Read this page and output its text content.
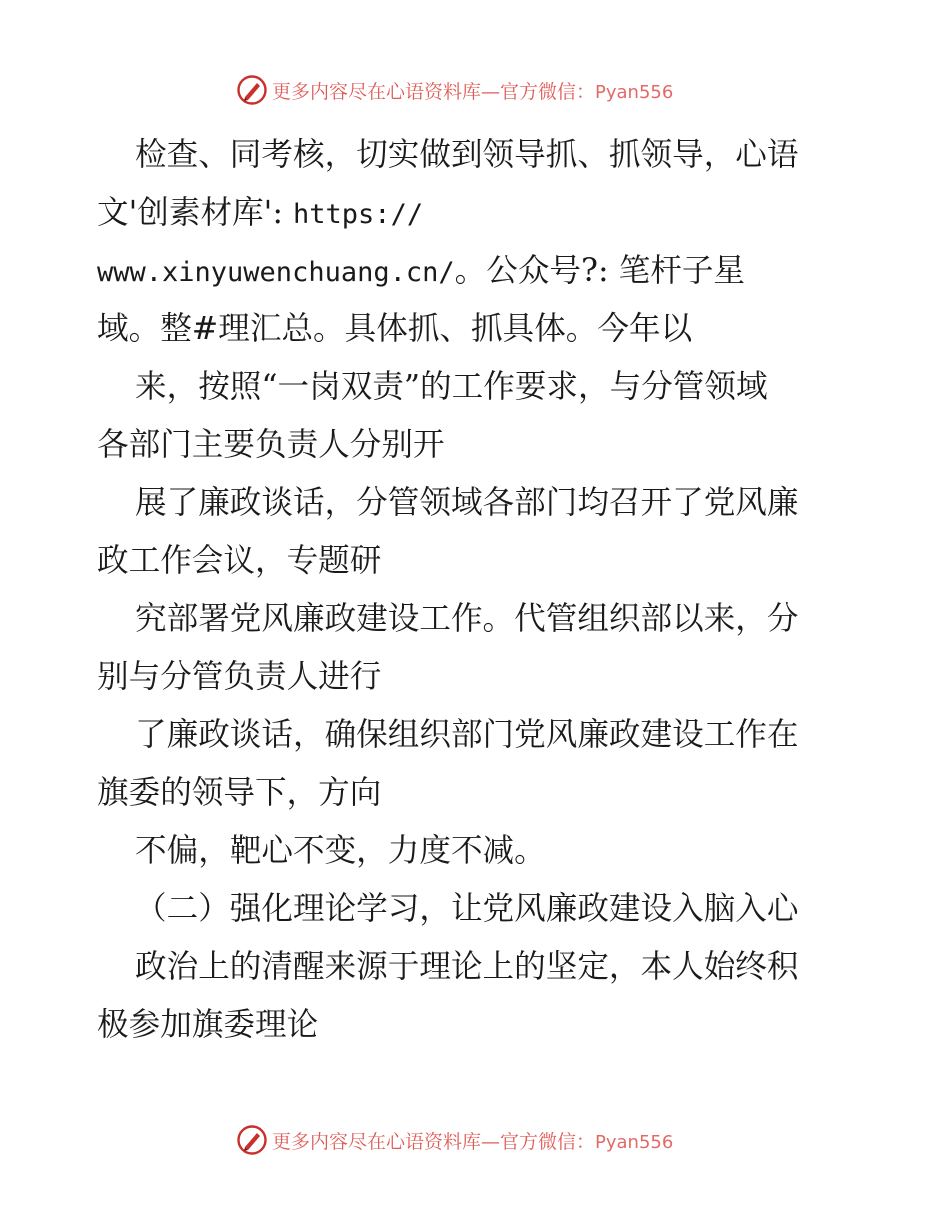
更多内容尽在心语资料库—官方微信：Pyan556
检查、同考核，切实做到领导抓、抓领导，心语
文'创素材库': https://
www.xinyuwenchuang.cn/。公众号?: 笔杆子星
域。整#理汇总。具体抓、抓具体。今年以
来，按照“一岗双责”的工作要求，与分管领域
各部门主要负责人分别开
展了廉政谈话，分管领域各部门均召开了党风廉
政工作会议，专题研
究部署党风廉政建设工作。代管组织部以来，分
别与分管负责人进行
了廉政谈话，确保组织部门党风廉政建设工作在
旗委的领导下，方向
不偏，靶心不变，力度不减。
（二）强化理论学习，让党风廉政建设入脑入心
政治上的清醒来源于理论上的坚定，本人始终积
极参加旗委理论
更多内容尽在心语资料库—官方微信：Pyan556
